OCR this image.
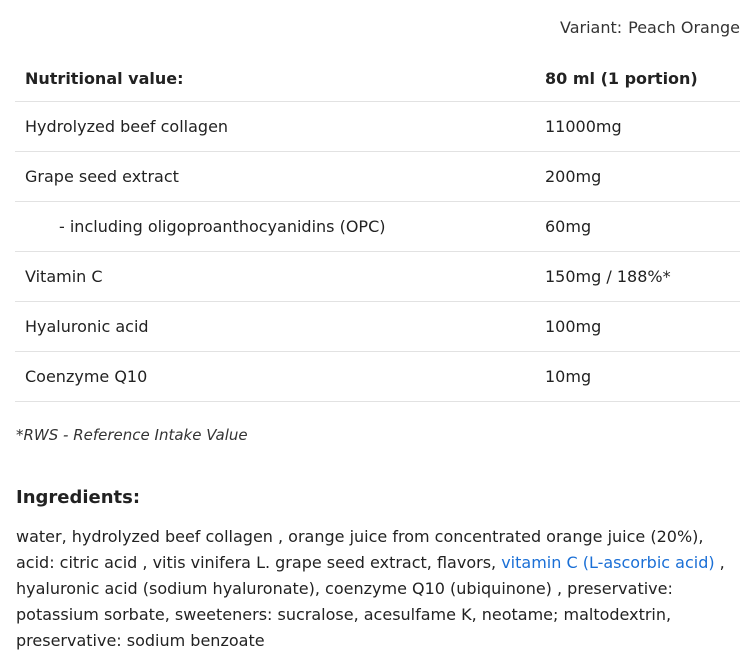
Variant: Peach Orange
Nutritional value:	80 ml (1 portion)
Hydrolyzed beef collagen	11000mg
Grape seed extract	200mg
- including oligoproanthocyanidins (OPC)	60mg
Vitamin C	150mg / 188%*
Hyaluronic acid	100mg
Coenzyme Q10	10mg
*RWS - Reference Intake Value
Ingredients:

water, hydrolyzed beef collagen , orange juice from concentrated orange juice (20%), acid: citric acid , vitis vinifera L. grape seed extract, flavors, vitamin C (L-ascorbic acid) , hyaluronic acid (sodium hyaluronate), coenzyme Q10 (ubiquinone) , preservative: potassium sorbate, sweeteners: sucralose, acesulfame K, neotame; maltodextrin, preservative: sodium benzoate
